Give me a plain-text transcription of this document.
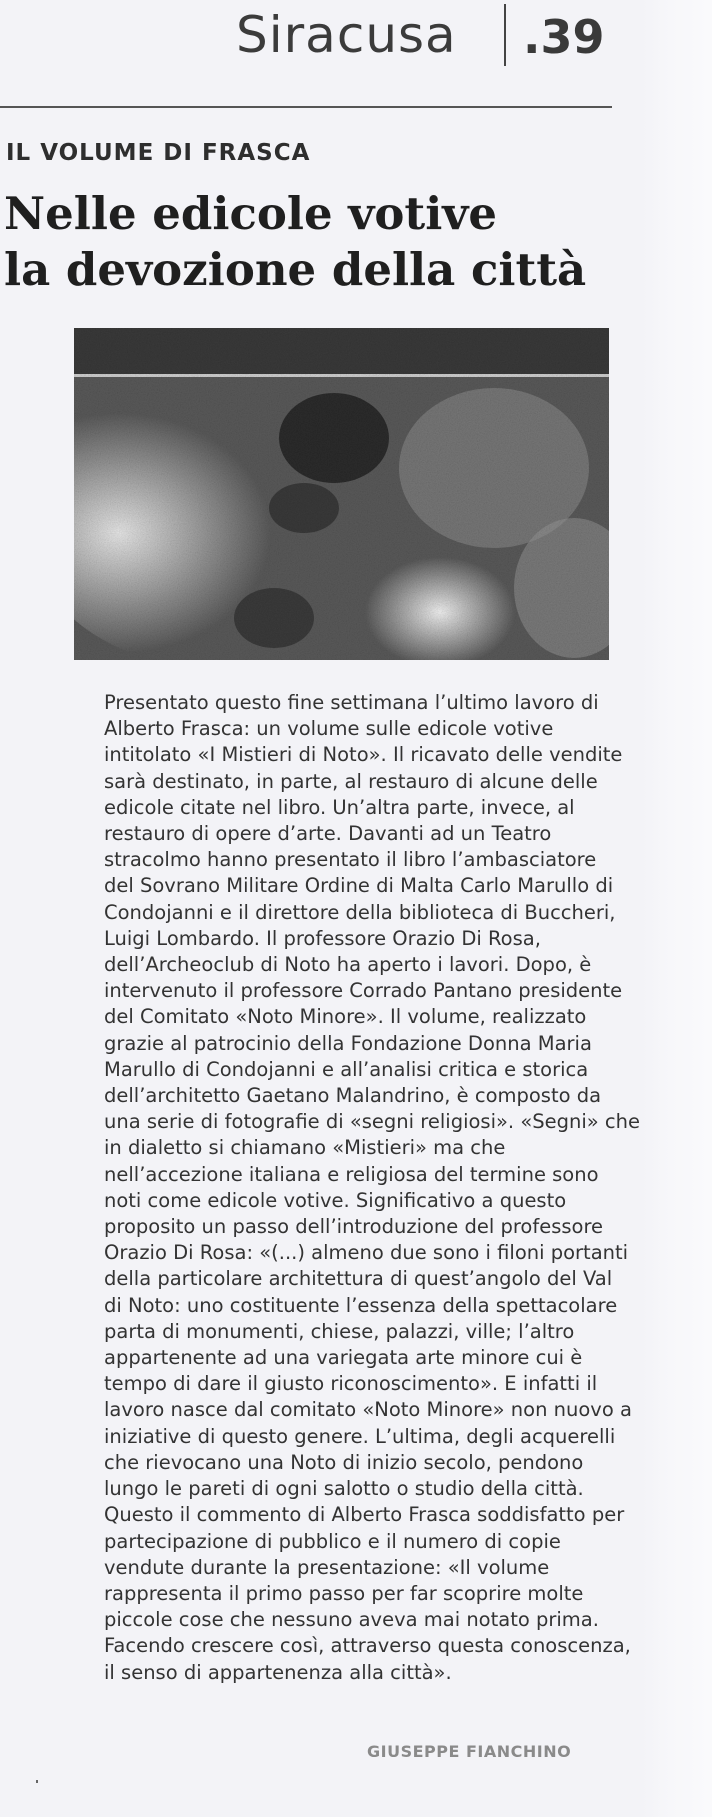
Siracusa .39
IL VOLUME DI FRASCA
Nelle edicole votive
la devozione della città
Presentato questo fine settimana l’ultimo lavoro di
Alberto Frasca: un volume sulle edicole votive
intitolato «I Mistieri di Noto». Il ricavato delle vendite
sarà destinato, in parte, al restauro di alcune delle
edicole citate nel libro. Un’altra parte, invece, al
restauro di opere d’arte. Davanti ad un Teatro
stracolmo hanno presentato il libro l’ambasciatore
del Sovrano Militare Ordine di Malta Carlo Marullo di
Condojanni e il direttore della biblioteca di Buccheri,
Luigi Lombardo. Il professore Orazio Di Rosa,
dell’Archeoclub di Noto ha aperto i lavori. Dopo, è
intervenuto il professore Corrado Pantano presidente
del Comitato «Noto Minore». Il volume, realizzato
grazie al patrocinio della Fondazione Donna Maria
Marullo di Condojanni e all’analisi critica e storica
dell’architetto Gaetano Malandrino, è composto da
una serie di fotografie di «segni religiosi». «Segni» che
in dialetto si chiamano «Mistieri» ma che
nell’accezione italiana e religiosa del termine sono
noti come edicole votive. Significativo a questo
proposito un passo dell’introduzione del professore
Orazio Di Rosa: «(...) almeno due sono i filoni portanti
della particolare architettura di quest’angolo del Val
di Noto: uno costituente l’essenza della spettacolare
parta di monumenti, chiese, palazzi, ville; l’altro
appartenente ad una variegata arte minore cui è
tempo di dare il giusto riconoscimento». E infatti il
lavoro nasce dal comitato «Noto Minore» non nuovo a
iniziative di questo genere. L’ultima, degli acquerelli
che rievocano una Noto di inizio secolo, pendono
lungo le pareti di ogni salotto o studio della città.
Questo il commento di Alberto Frasca soddisfatto per
partecipazione di pubblico e il numero di copie
vendute durante la presentazione: «Il volume
rappresenta il primo passo per far scoprire molte
piccole cose che nessuno aveva mai notato prima.
Facendo crescere così, attraverso questa conoscenza,
il senso di appartenenza alla città».
GIUSEPPE FIANCHINO
